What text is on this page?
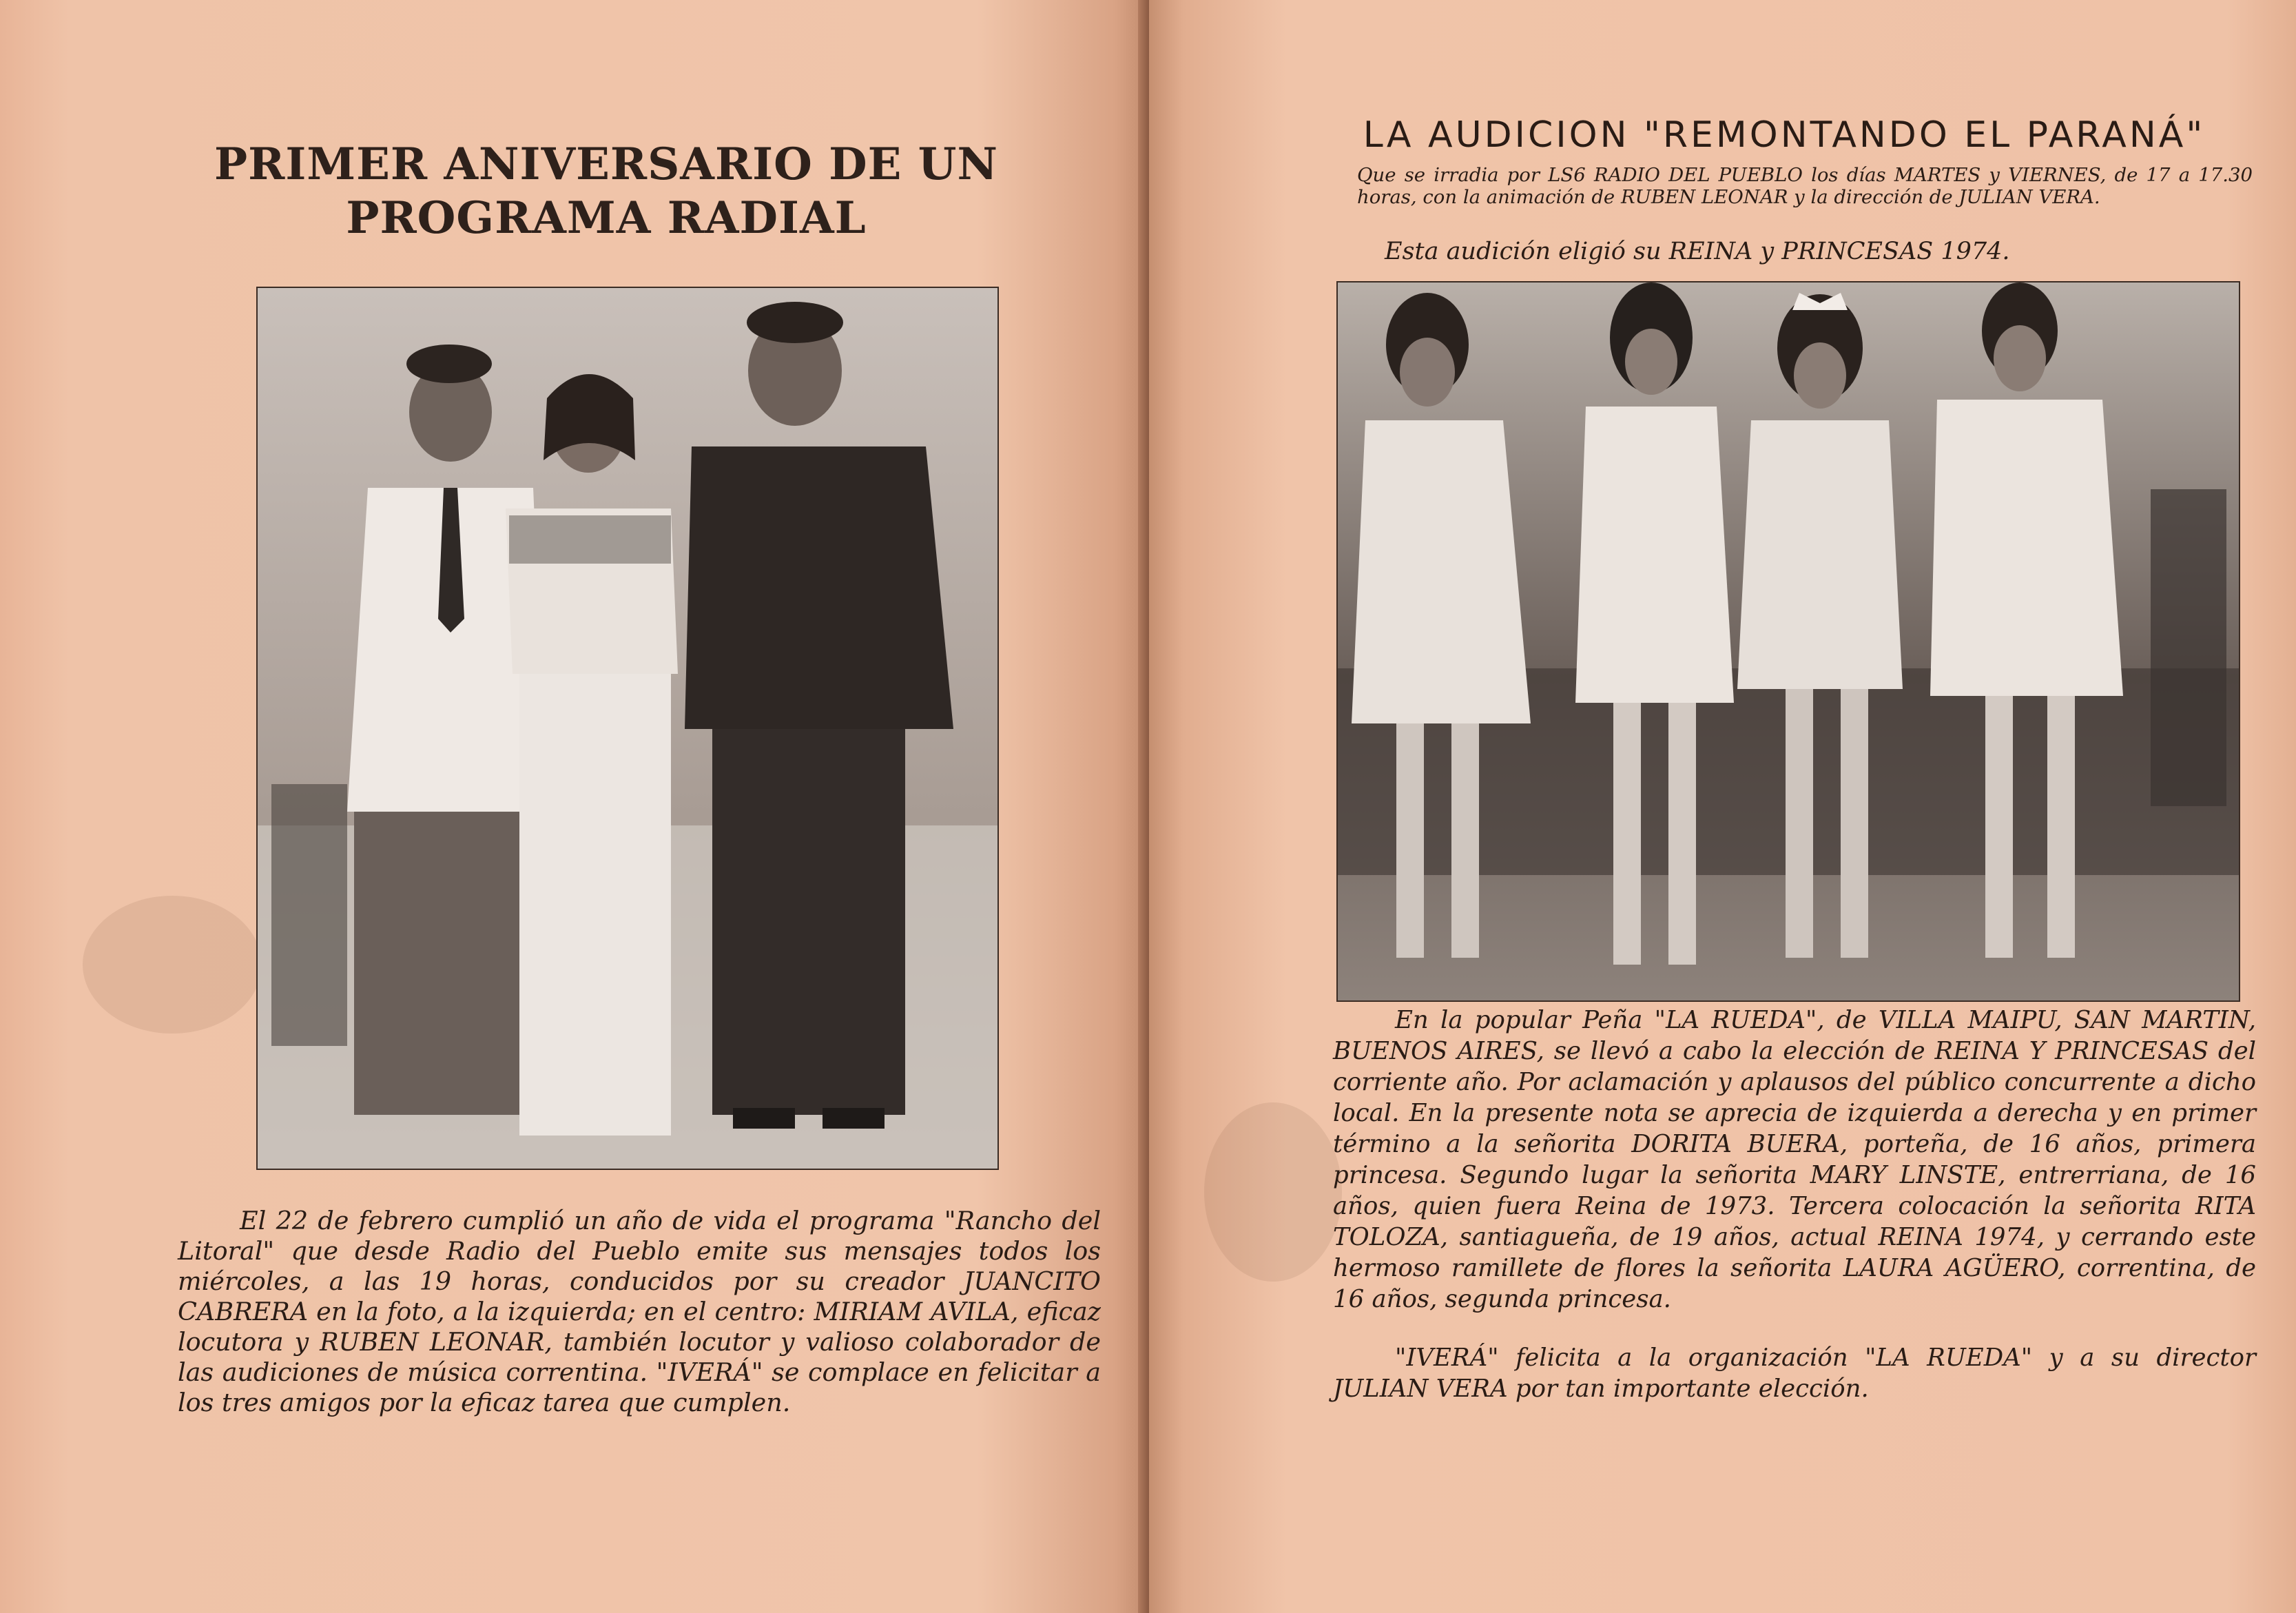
PRIMER ANIVERSARIO DE UN PROGRAMA RADIAL
El 22 de febrero cumplió un año de vida el programa "Rancho del Litoral" que desde Radio del Pueblo emite sus mensajes todos los miércoles, a las 19 horas, conducidos por su creador JUANCITO CABRERA en la foto, a la izquierda; en el centro: MIRIAM AVILA, eficaz locutora y RUBEN LEONAR, también locutor y valioso colaborador de las audiciones de música correntina. "IVERÁ" se complace en felicitar a los tres amigos por la eficaz tarea que cumplen.
LA AUDICION "REMONTANDO EL PARANÁ"
Que se irradia por LS6 RADIO DEL PUEBLO los días MARTES y VIERNES, de 17 a 17.30 horas, con la animación de RUBEN LEONAR y la dirección de JULIAN VERA.
Esta audición eligió su REINA y PRINCESAS 1974.
En la popular Peña "LA RUEDA", de VILLA MAIPU, SAN MARTIN, BUENOS AIRES, se llevó a cabo la elección de REINA Y PRINCESAS del corriente año. Por aclamación y aplausos del público concurrente a dicho local. En la presente nota se aprecia de izquierda a derecha y en primer término a la señorita DORITA BUERA, porteña, de 16 años, primera princesa. Segundo lugar la señorita MARY LINSTE, entrerriana, de 16 años, quien fuera Reina de 1973. Tercera colocación la señorita RITA TOLOZA, santiagueña, de 19 años, actual REINA 1974, y cerrando este hermoso ramillete de flores la señorita LAURA AGÜERO, correntina, de 16 años, segunda princesa.
"IVERÁ" felicita a la organización "LA RUEDA" y a su director JULIAN VERA por tan importante elección.
